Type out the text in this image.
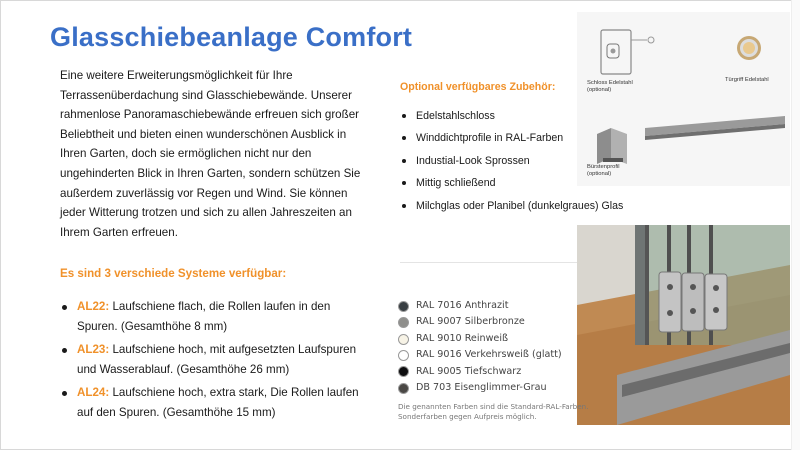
Glasschiebeanlage Comfort
Eine weitere Erweiterungsmöglichkeit für Ihre Terrassenüberdachung sind Glasschiebewände. Unserer rahmenlose Panoramaschiebewände erfreuen sich großer Beliebtheit und bieten einen wunderschönen Ausblick in Ihren Garten, doch sie ermöglichen nicht nur den ungehinderten Blick in Ihren Garten, sondern schützen Sie außerdem zuverlässig vor Regen und Wind. Sie können jeder Witterung trotzen und sich zu allen Jahreszeiten an Ihrem Garten erfreuen.
Es sind 3 verschiede Systeme verfügbar:
AL22: Laufschiene flach, die Rollen laufen in den Spuren. (Gesamthöhe 8 mm)
AL23: Laufschiene hoch, mit aufgesetzten Laufspuren und Wasserablauf. (Gesamthöhe 26 mm)
AL24: Laufschiene hoch, extra stark, Die Rollen laufen auf den Spuren. (Gesamthöhe 15 mm)
Optional verfügbares Zubehör:
Edelstahlschloss
Winddichtprofile in RAL-Farben
Industial-Look Sprossen
Mittig schließend
Milchglas oder Planibel (dunkelgraues) Glas
Schloss Edelstahl
(optional)
Türgriff Edelstahl
Bürstenprofil
(optional)
RAL 7016 Anthrazit
RAL 9007 Silberbronze
RAL 9010 Reinweiß
RAL 9016 Verkehrsweiß (glatt)
RAL 9005 Tiefschwarz
DB 703 Eisenglimmer-Grau
Die genannten Farben sind die Standard-RAL-Farben.
Sonderfarben gegen Aufpreis möglich.
